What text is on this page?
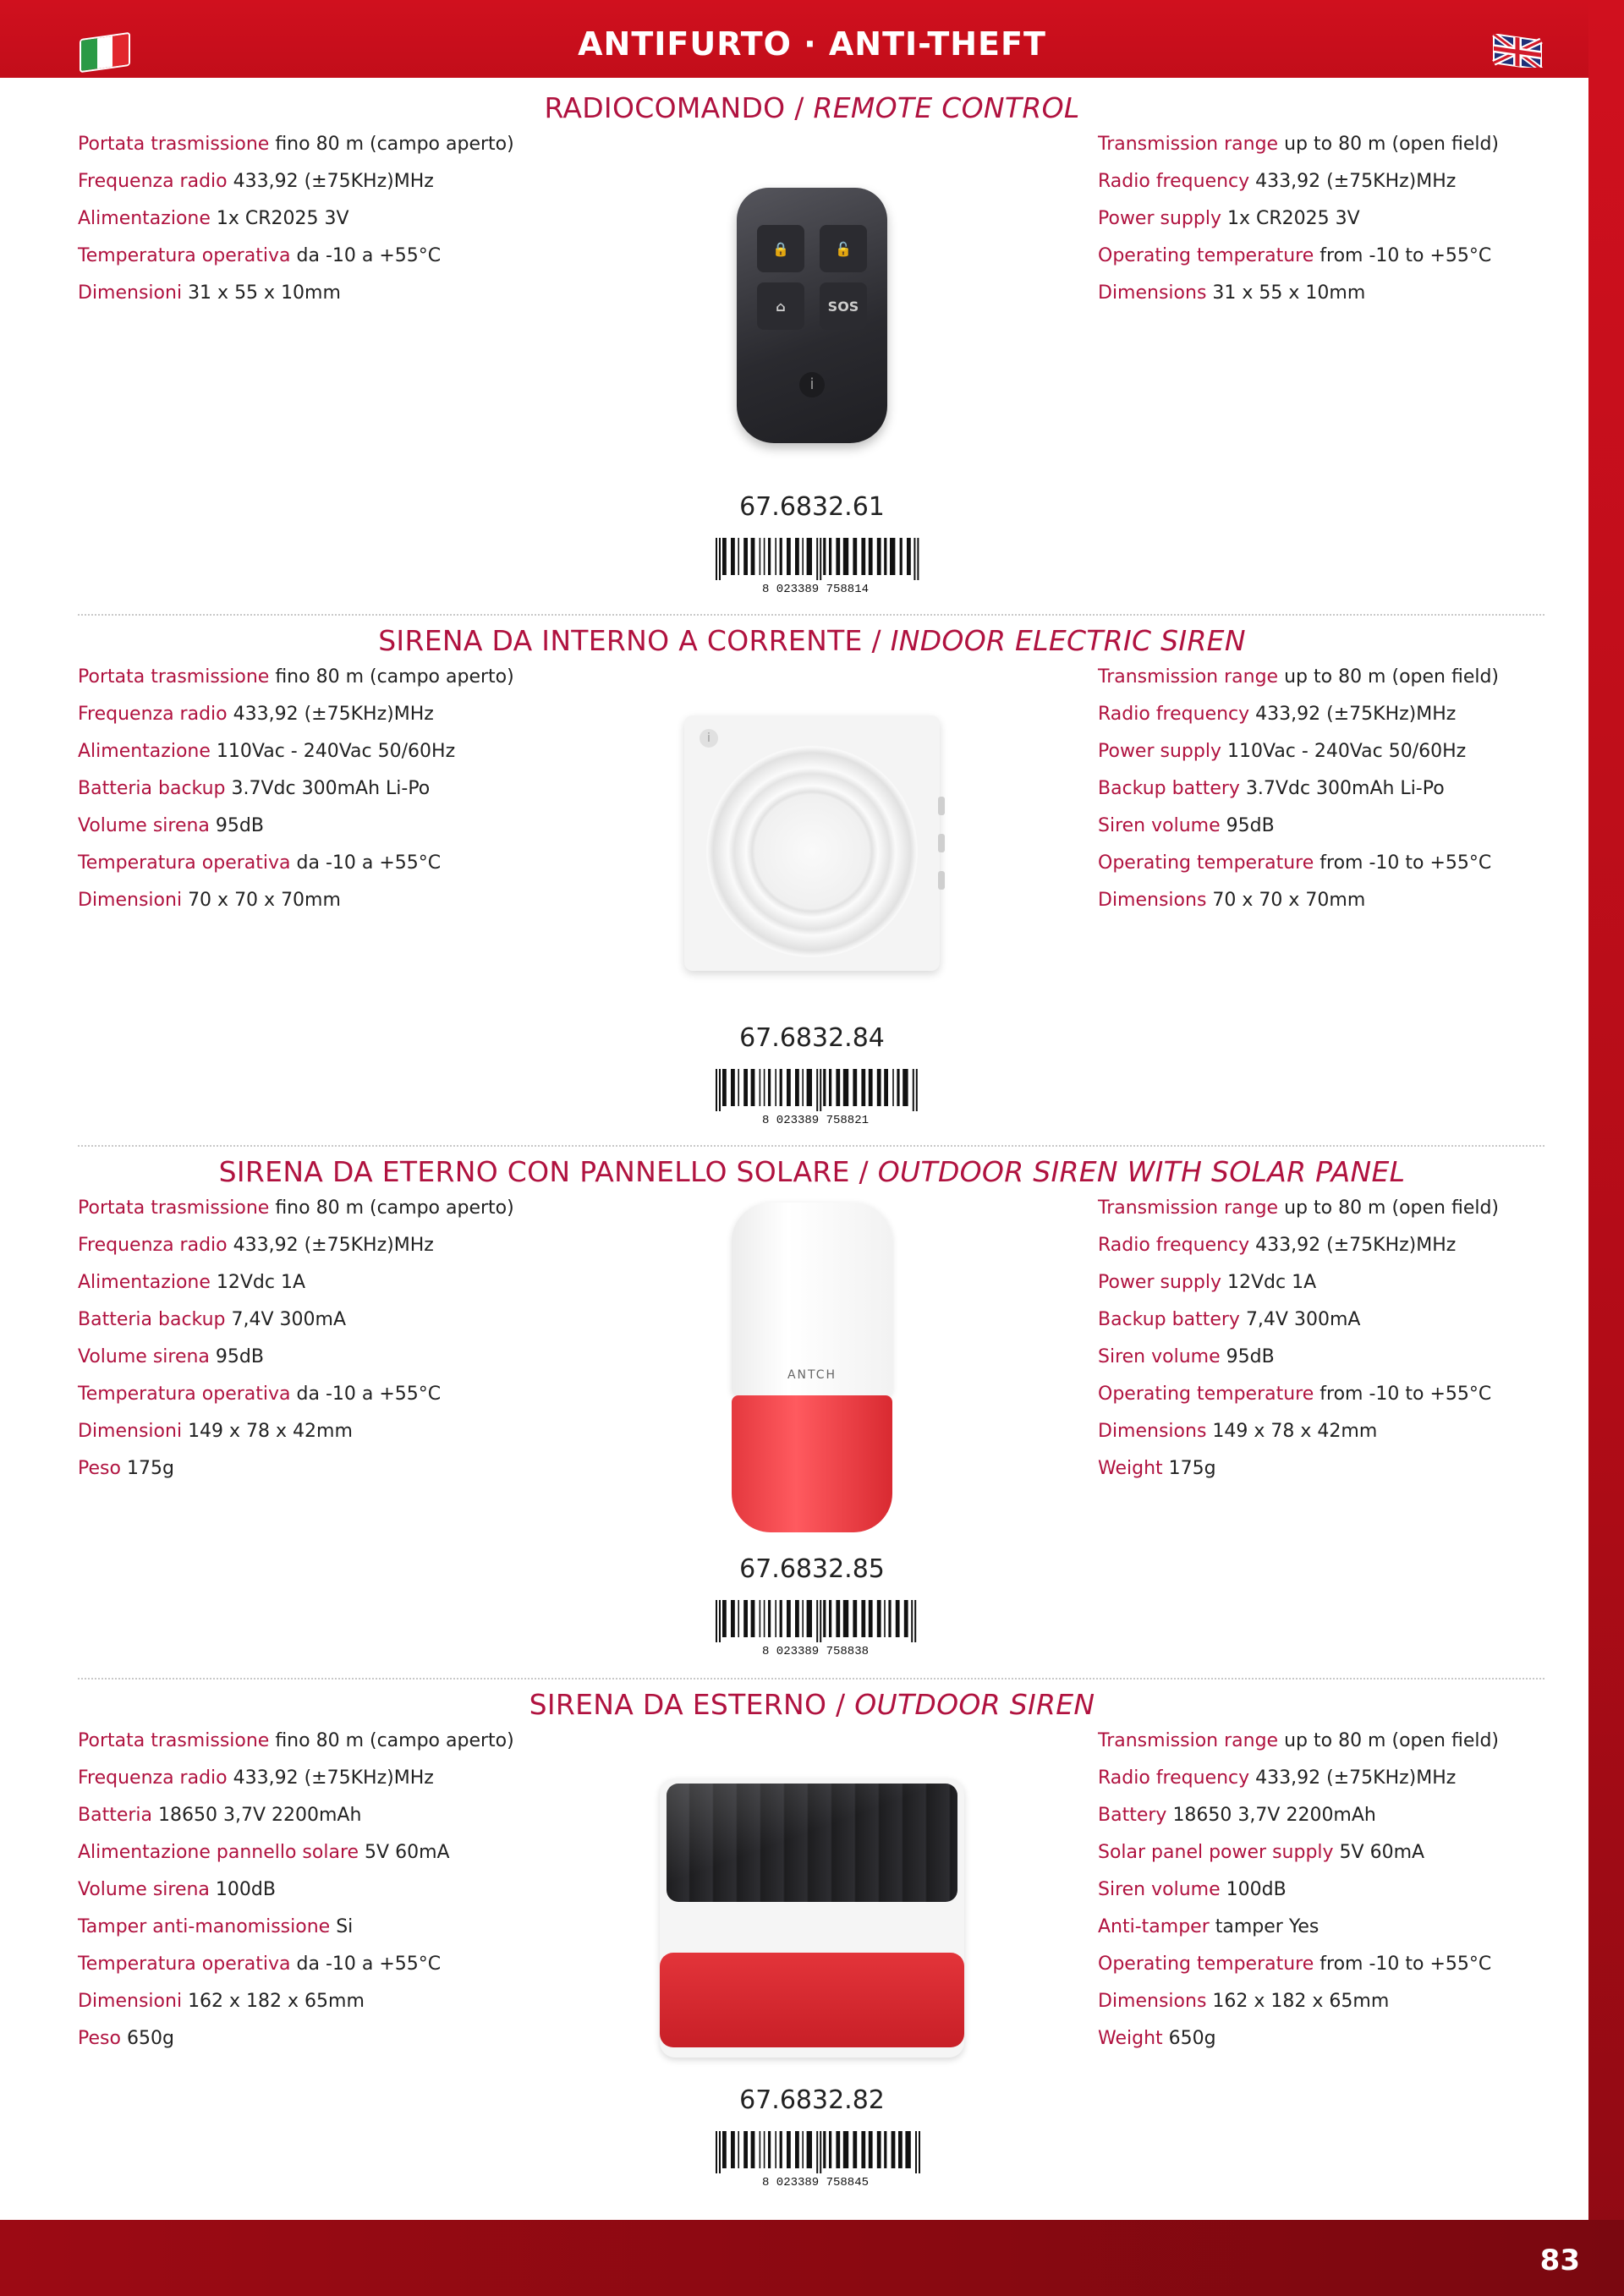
ANTIFURTO · ANTI-THEFT
83
RADIOCOMANDO / REMOTE CONTROL
Portata trasmissione fino 80 m (campo aperto)
Frequenza radio 433,92 (±75KHz)MHz
Alimentazione 1x CR2025 3V
Temperatura operativa da -10 a +55°C
Dimensioni 31 x 55 x 10mm
Transmission range up to 80 m (open field)
Radio frequency 433,92 (±75KHz)MHz
Power supply 1x CR2025 3V
Operating temperature from -10 to +55°C
Dimensions 31 x 55 x 10mm
🔒	🔓
⌂	SOS
i
67.6832.61
8 023389 758814
SIRENA DA INTERNO A CORRENTE / INDOOR ELECTRIC SIREN
Portata trasmissione fino 80 m (campo aperto)
Frequenza radio 433,92 (±75KHz)MHz
Alimentazione 110Vac - 240Vac 50/60Hz
Batteria backup 3.7Vdc 300mAh Li-Po
Volume sirena 95dB
Temperatura operativa da -10 a +55°C
Dimensioni 70 x 70 x 70mm
Transmission range up to 80 m (open field)
Radio frequency 433,92 (±75KHz)MHz
Power supply 110Vac - 240Vac 50/60Hz
Backup battery 3.7Vdc 300mAh Li-Po
Siren volume 95dB
Operating temperature from -10 to +55°C
Dimensions 70 x 70 x 70mm
i
67.6832.84
8 023389 758821
SIRENA DA ETERNO CON PANNELLO SOLARE / OUTDOOR SIREN WITH SOLAR PANEL
Portata trasmissione fino 80 m (campo aperto)
Frequenza radio 433,92 (±75KHz)MHz
Alimentazione 12Vdc 1A
Batteria backup 7,4V 300mA
Volume sirena 95dB
Temperatura operativa da -10 a +55°C
Dimensioni 149 x 78 x 42mm
Peso 175g
Transmission range up to 80 m (open field)
Radio frequency 433,92 (±75KHz)MHz
Power supply 12Vdc 1A
Backup battery 7,4V 300mA
Siren volume 95dB
Operating temperature from -10 to +55°C
Dimensions 149 x 78 x 42mm
Weight 175g
ANTCH
67.6832.85
8 023389 758838
SIRENA DA ESTERNO / OUTDOOR SIREN
Portata trasmissione fino 80 m (campo aperto)
Frequenza radio 433,92 (±75KHz)MHz
Batteria 18650 3,7V 2200mAh
Alimentazione pannello solare 5V 60mA
Volume sirena 100dB
Tamper anti-manomissione Si
Temperatura operativa da -10 a +55°C
Dimensioni 162 x 182 x 65mm
Peso 650g
Transmission range up to 80 m (open field)
Radio frequency 433,92 (±75KHz)MHz
Battery 18650 3,7V 2200mAh
Solar panel power supply 5V 60mA
Siren volume 100dB
Anti-tamper tamper Yes
Operating temperature from -10 to +55°C
Dimensions 162 x 182 x 65mm
Weight 650g
67.6832.82
8 023389 758845
